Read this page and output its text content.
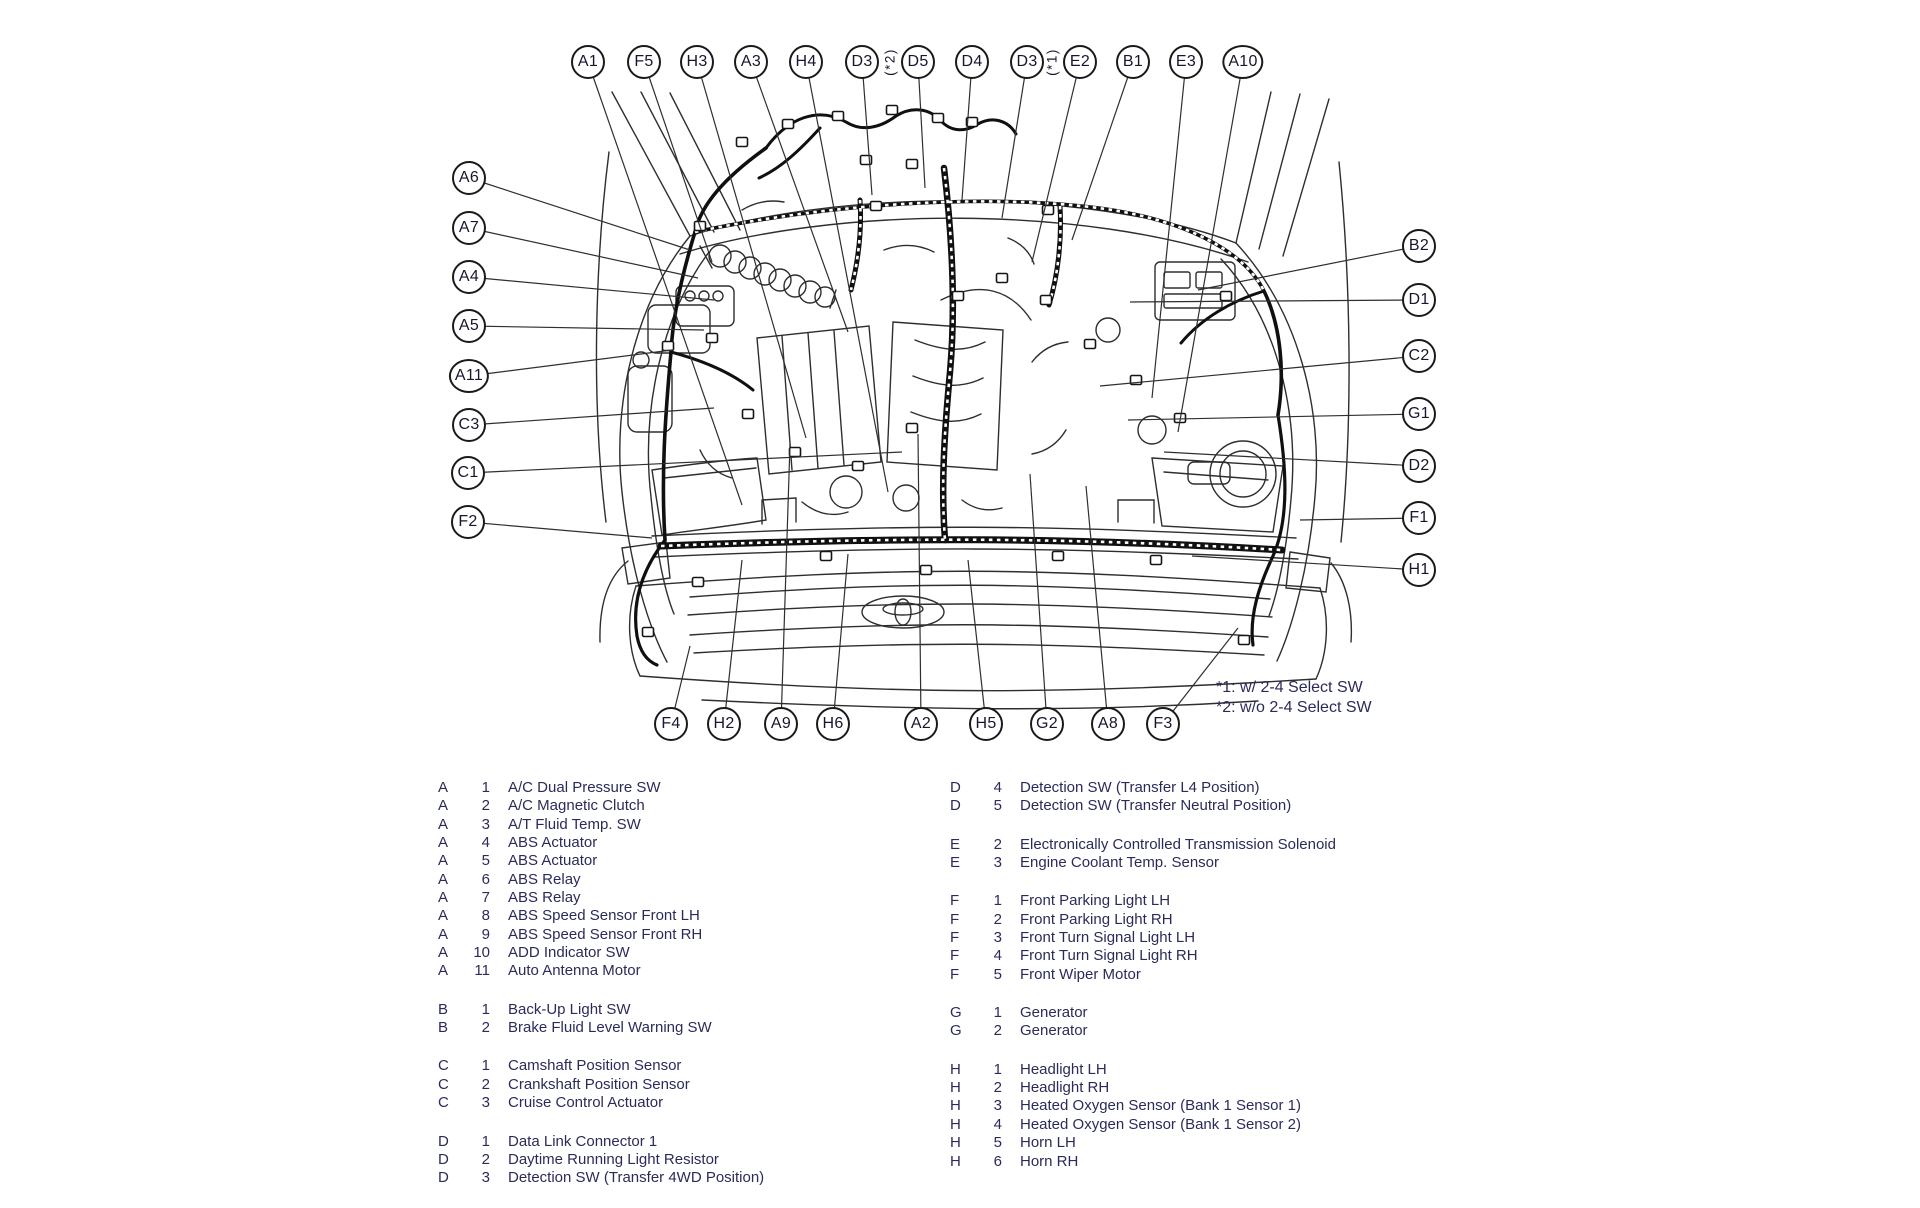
A1	F5	H3	A3	H4	D3	D5	D4	D3	E2	B1	E3	A10
A6
A7
A4
A5
A11
C3
C1
F2
B2
D1
C2
G1
D2
F1
H1
F4	H2	A9	H6	A2	H5	G2	A8	F3
(*2)	(*1)
*1: w/ 2-4 Select SW
*2: w/o 2-4 Select SW
A	1 A/C Dual Pressure SW
A	2 A/C Magnetic Clutch
A	3 A/T Fluid Temp. SW
A	4 ABS Actuator
A	5 ABS Actuator
A	6 ABS Relay
A	7 ABS Relay
A	8 ABS Speed Sensor Front LH
A	9 ABS Speed Sensor Front RH
A	10 ADD Indicator SW
A	11 Auto Antenna Motor
B	1 Back-Up Light SW
B	2 Brake Fluid Level Warning SW
C	1 Camshaft Position Sensor
C	2 Crankshaft Position Sensor
C	3 Cruise Control Actuator
D	1 Data Link Connector 1
D	2 Daytime Running Light Resistor
D	3 Detection SW (Transfer 4WD Position)
D	4 Detection SW (Transfer L4 Position)
D	5 Detection SW (Transfer Neutral Position)
E	2 Electronically Controlled Transmission Solenoid
E	3 Engine Coolant Temp. Sensor
F	1 Front Parking Light LH
F	2 Front Parking Light RH
F	3 Front Turn Signal Light LH
F	4 Front Turn Signal Light RH
F	5 Front Wiper Motor
G	1 Generator
G	2 Generator
H	1 Headlight LH
H	2 Headlight RH
H	3 Heated Oxygen Sensor (Bank 1 Sensor 1)
H	4 Heated Oxygen Sensor (Bank 1 Sensor 2)
H	5 Horn LH
H	6 Horn RH
